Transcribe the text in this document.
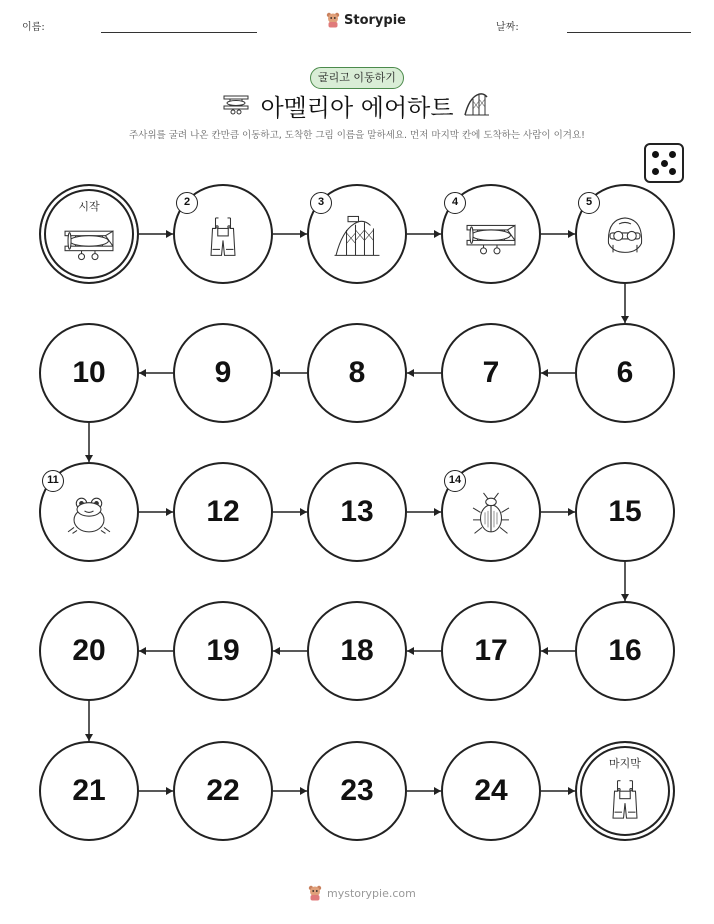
이름:	Storypie	날짜:
굴리고 이동하기
아멜리아 에어하트
주사위를 굴려 나온 칸만큼 이동하고, 도착한 그림 이름을 말하세요. 먼저 마지막 칸에 도착하는 사람이 이겨요!
시작	2	3	4	5
6
7
8
9
10
11
12	13
14
15
16
17
18
19
20
21	22	23	24
마지막
mystorypie.com
